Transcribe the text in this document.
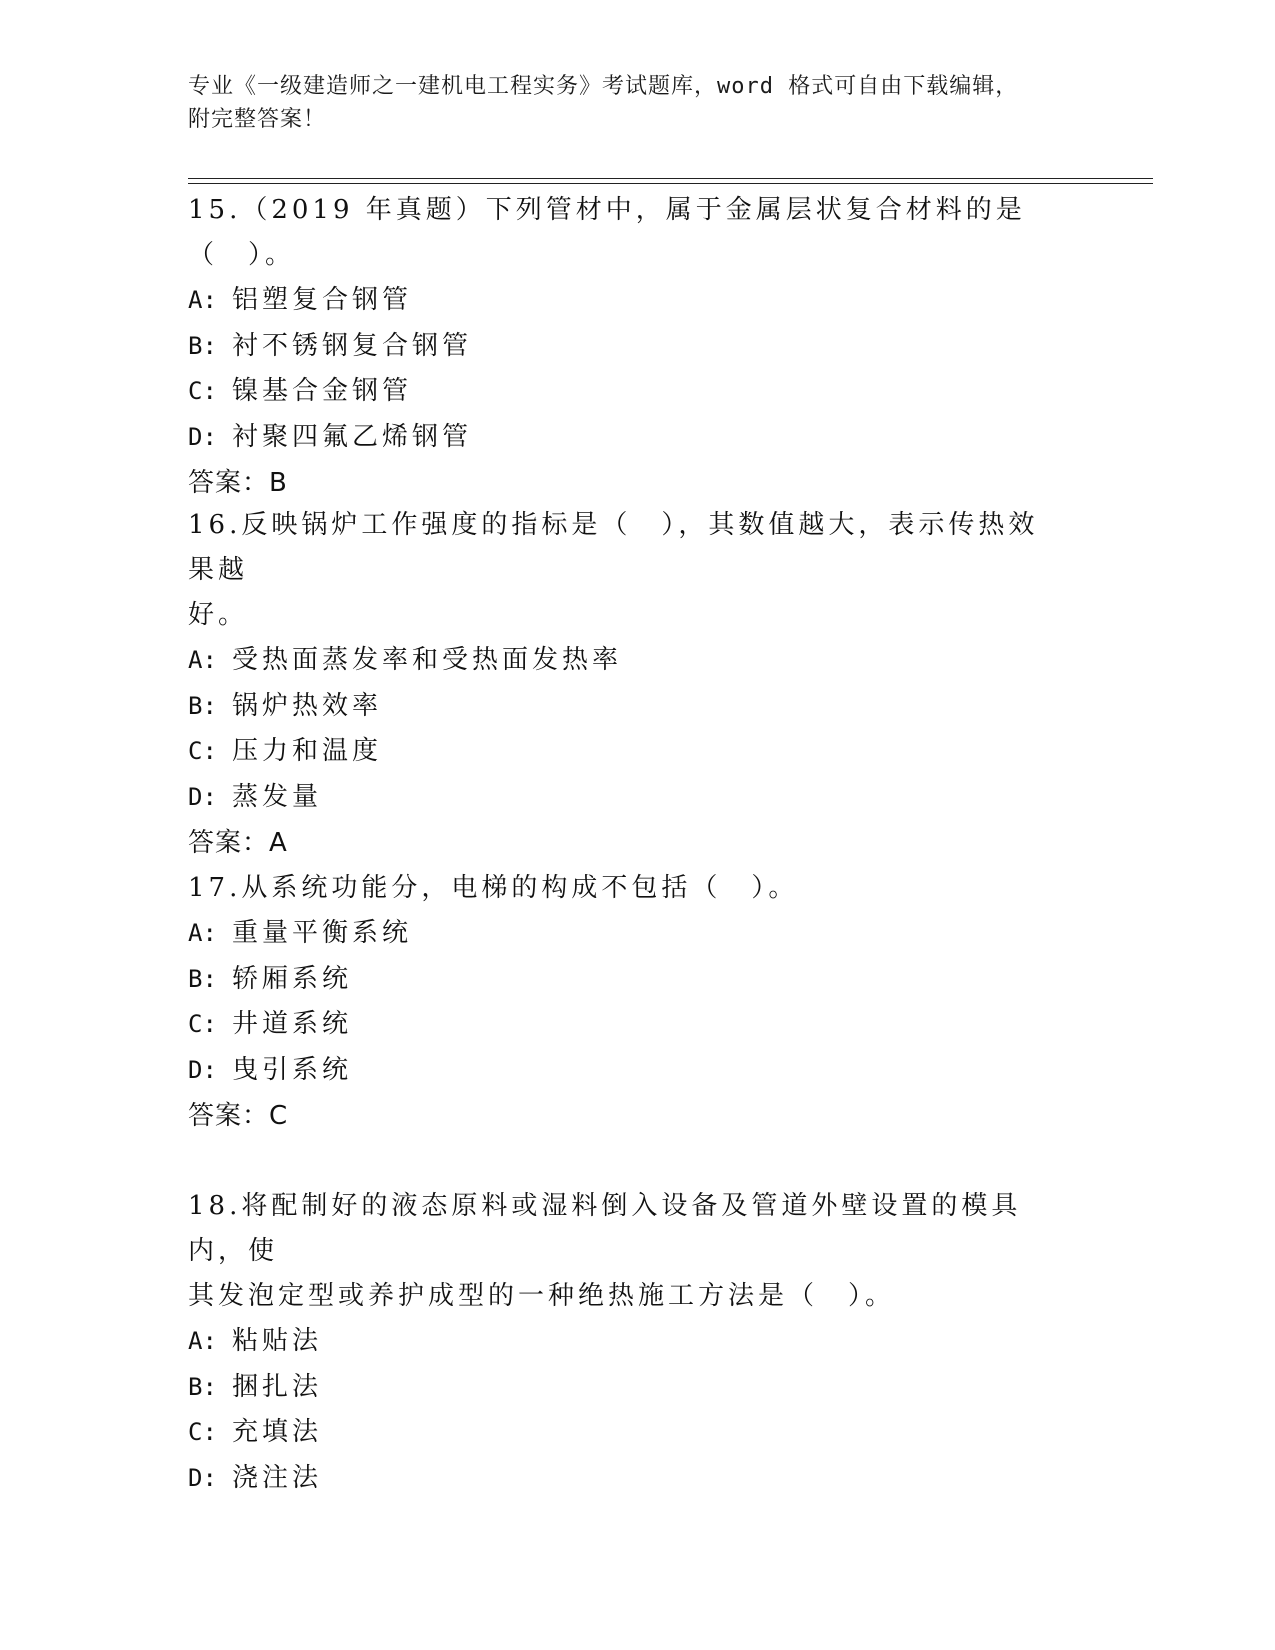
专业《一级建造师之一建机电工程实务》考试题库，word 格式可自由下载编辑，
附完整答案！

15.（2019 年真题）下列管材中，属于金属层状复合材料的是（　）。

A: 铝塑复合钢管
B: 衬不锈钢复合钢管
C: 镍基合金钢管
D: 衬聚四氟乙烯钢管
答案：B

16.反映锅炉工作强度的指标是（　），其数值越大，表示传热效果越
好。

A: 受热面蒸发率和受热面发热率
B: 锅炉热效率
C: 压力和温度
D: 蒸发量
答案：A

17.从系统功能分，电梯的构成不包括（　）。

A: 重量平衡系统
B: 轿厢系统
C: 井道系统
D: 曳引系统
答案：C

18.将配制好的液态原料或湿料倒入设备及管道外壁设置的模具内，使
其发泡定型或养护成型的一种绝热施工方法是（　）。

A: 粘贴法
B: 捆扎法
C: 充填法
D: 浇注法
